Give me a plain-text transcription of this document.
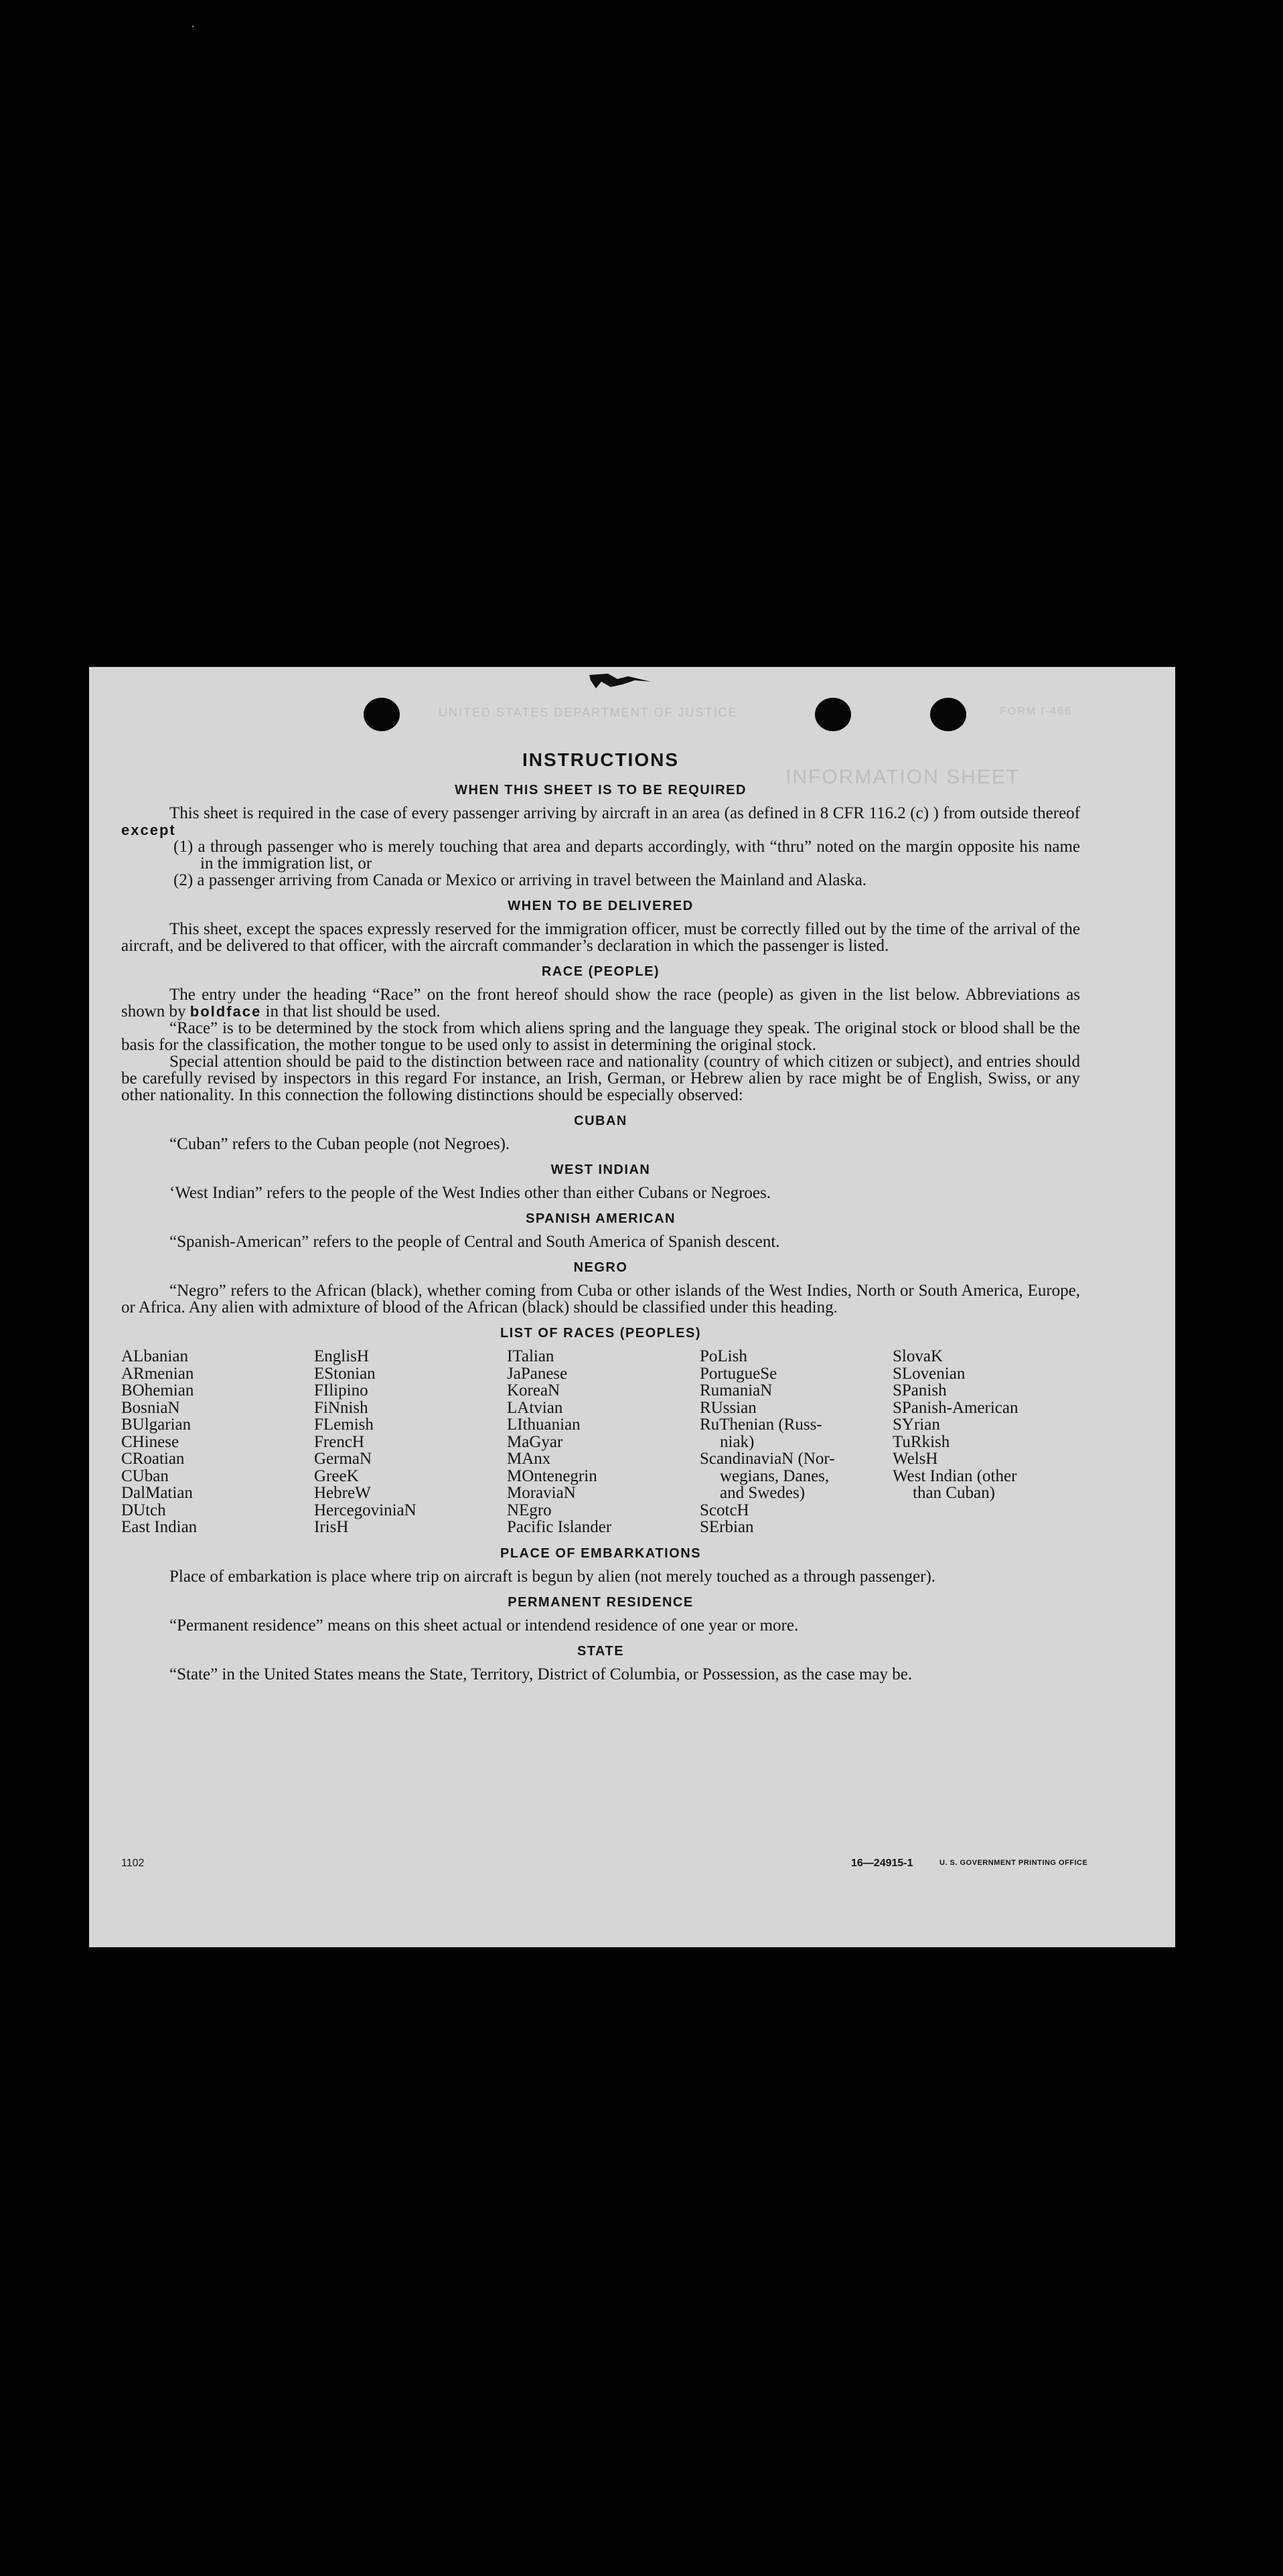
UNITED STATES DEPARTMENT OF JUSTICE	FORM I-466
INFORMATION SHEET
INSTRUCTIONS
WHEN THIS SHEET IS TO BE REQUIRED

This sheet is required in the case of every passenger arriving by aircraft in an area (as defined in 8 CFR 116.2 (c) ) from outside thereof except

(1) a through passenger who is merely touching that area and departs accordingly, with “thru” noted on the margin opposite his name in the immigration list, or
(2) a passenger arriving from Canada or Mexico or arriving in travel between the Mainland and Alaska.
WHEN TO BE DELIVERED

This sheet, except the spaces expressly reserved for the immigration officer, must be correctly filled out by the time of the arrival of the aircraft, and be delivered to that officer, with the aircraft commander’s declaration in which the passenger is listed.

RACE (PEOPLE)

The entry under the heading “Race” on the front hereof should show the race (people) as given in the list below. Abbreviations as shown by boldface in that list should be used.

“Race” is to be determined by the stock from which aliens spring and the language they speak. The original stock or blood shall be the basis for the classification, the mother tongue to be used only to assist in determining the original stock.

Special attention should be paid to the distinction between race and nationality (country of which citizen or subject), and entries should be carefully revised by inspectors in this regard For instance, an Irish, German, or Hebrew alien by race might be of English, Swiss, or any other nationality. In this connection the following distinctions should be especially observed:

CUBAN

“Cuban” refers to the Cuban people (not Negroes).

WEST INDIAN

‘West Indian” refers to the people of the West Indies other than either Cubans or Negroes.

SPANISH AMERICAN

“Spanish-American” refers to the people of Central and South America of Spanish descent.

NEGRO

“Negro” refers to the African (black), whether coming from Cuba or other islands of the West Indies, North or South America, Europe, or Africa. Any alien with admixture of blood of the African (black) should be classified under this heading.

LIST OF RACES (PEOPLES)
ALbanian
ARmenian
BOhemian
BosniaN
BUlgarian
CHinese
CRoatian
CUban
DalMatian
DUtch
East Indian
EnglisH
EStonian
FIlipino
FiNnish
FLemish
FrencH
GermaN
GreeK
HebreW
HercegoviniaN
IrisH
ITalian
JaPanese
KoreaN
LAtvian
LIthuanian
MaGyar
MAnx
MOntenegrin
MoraviaN
NEgro
Pacific Islander
PoLish
PortugueSe
RumaniaN
RUssian
RuThenian (Russ-
niak)
ScandinaviaN (Nor-
wegians, Danes,
and Swedes)
ScotcH
SErbian
SlovaK
SLovenian
SPanish
SPanish-American
SYrian
TuRkish
WelsH
West Indian (other
than Cuban)
PLACE OF EMBARKATIONS

Place of embarkation is place where trip on aircraft is begun by alien (not merely touched as a through passenger).

PERMANENT RESIDENCE

“Permanent residence” means on this sheet actual or intendend residence of one year or more.

STATE

“State” in the United States means the State, Territory, District of Columbia, or Possession, as the case may be.

1102	16—24915-1	U. S. GOVERNMENT PRINTING OFFICE
